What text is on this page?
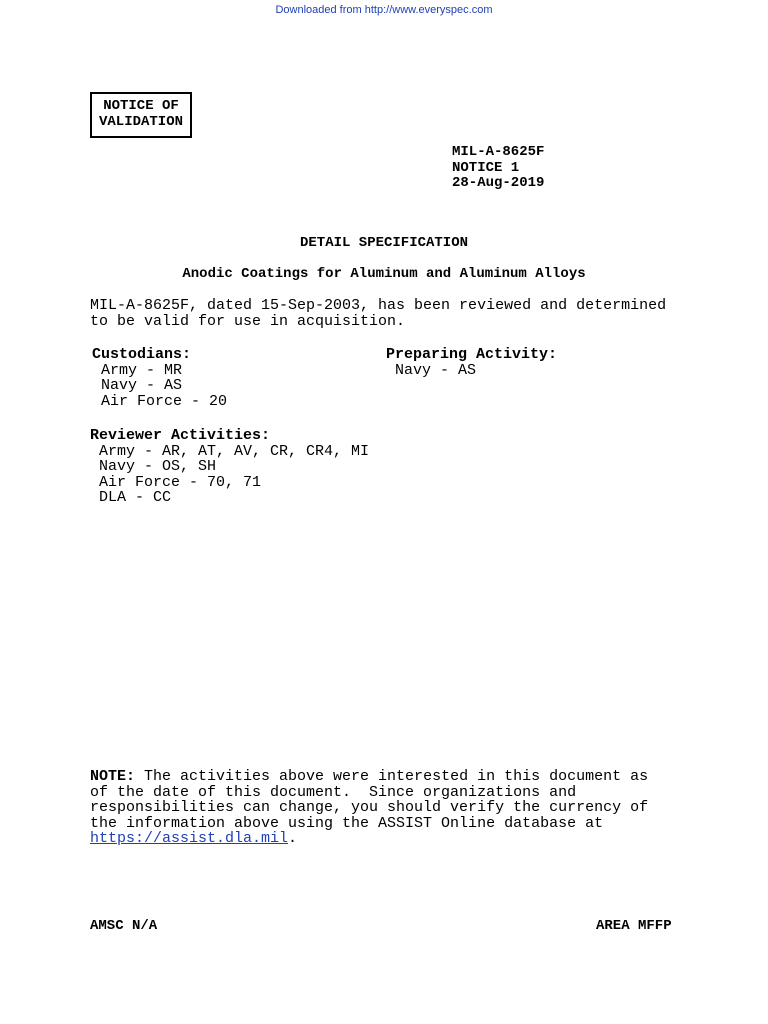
Downloaded from http://www.everyspec.com
NOTICE OF
VALIDATION
MIL-A-8625F
NOTICE 1
28-Aug-2019
DETAIL SPECIFICATION
Anodic Coatings for Aluminum and Aluminum Alloys
MIL-A-8625F, dated 15-Sep-2003, has been reviewed and determined
to be valid for use in acquisition.
Custodians:
Army - MR
Navy - AS
Air Force - 20
Preparing Activity:
Navy - AS
Reviewer Activities:
Army - AR, AT, AV, CR, CR4, MI
Navy - OS, SH
Air Force - 70, 71
DLA - CC
NOTE: The activities above were interested in this document as
of the date of this document.  Since organizations and
responsibilities can change, you should verify the currency of
the information above using the ASSIST Online database at
https://assist.dla.mil.
AMSC N/A	AREA MFFP
